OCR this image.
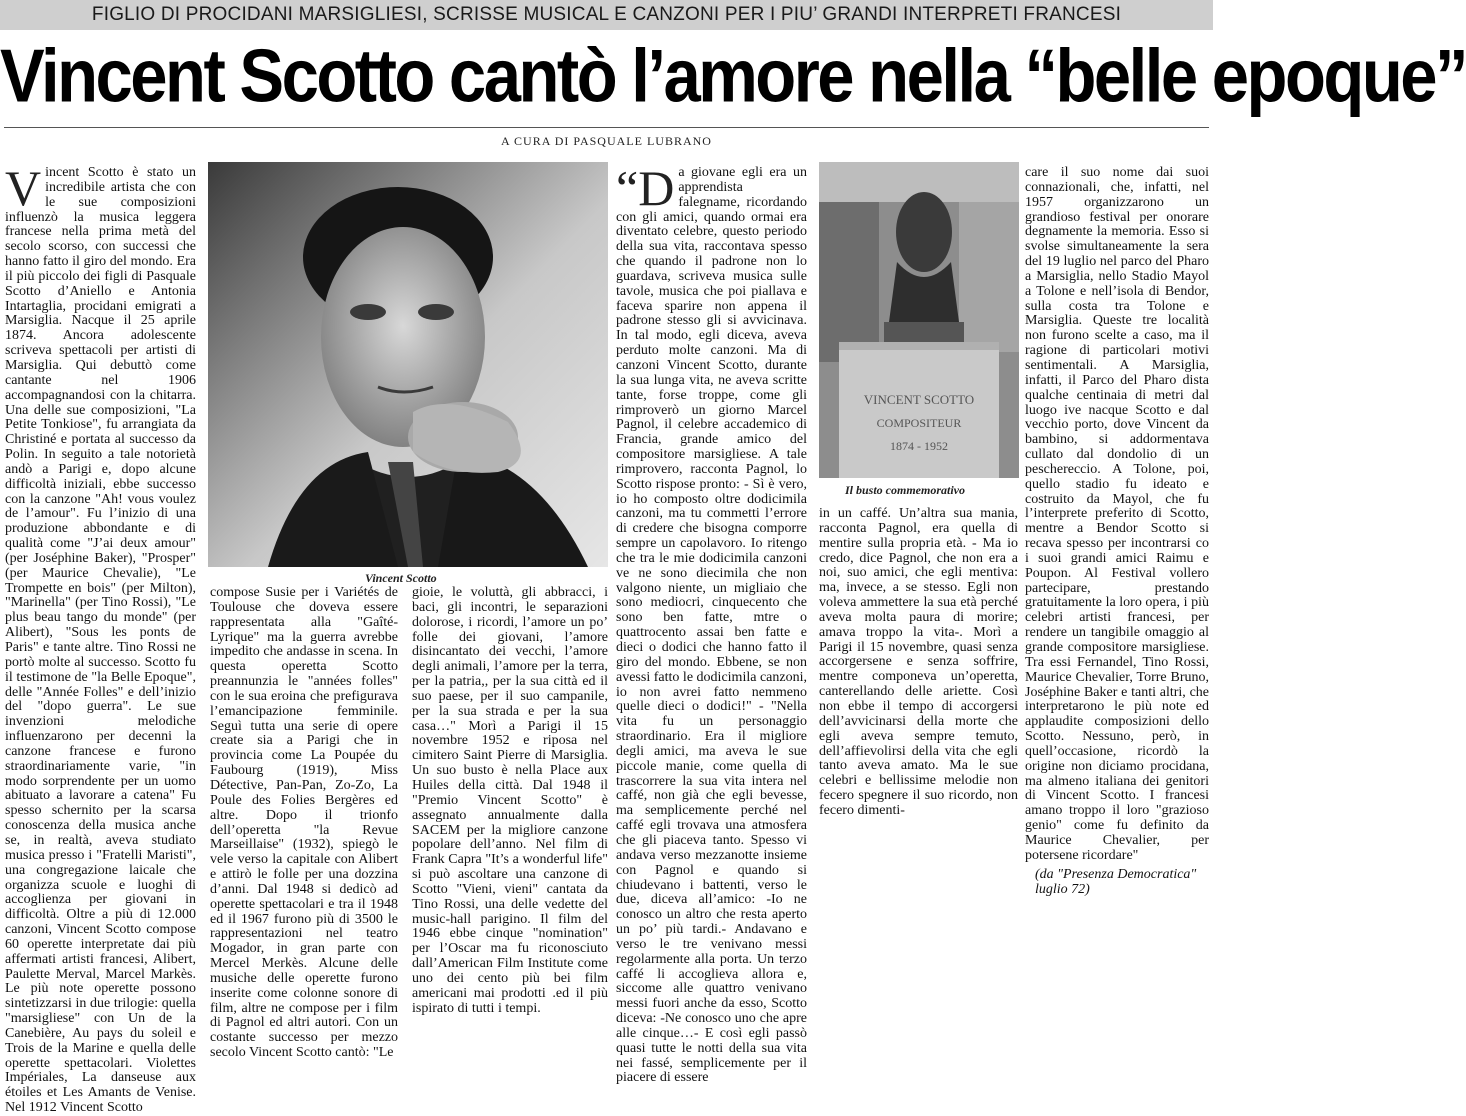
FIGLIO DI PROCIDANI MARSIGLIESI, SCRISSE MUSICAL E CANZONI PER I PIU’ GRANDI INTERPRETI FRANCESI
Vincent Scotto cantò l’amore nella “belle epoque”
A CURA DI PASQUALE LUBRANO

Vincent Scotto è stato un incredibile artista che con le sue composizioni influenzò la musica leggera francese nella prima metà del secolo scorso, con successi che hanno fatto il giro del mondo. Era il più piccolo dei figli di Pasquale Scotto d’Aniello e Antonia Intartaglia, procidani emigrati a Marsiglia. Nacque il 25 aprile 1874. Ancora adolescente scriveva spettacoli per artisti di Marsiglia. Qui debuttò come cantante nel 1906 accompagnandosi con la chitarra. Una delle sue composizioni, "La Petite Tonkiose", fu arrangiata da Christiné e portata al successo da Polin. In seguito a tale notorietà andò a Parigi e, dopo alcune difficoltà iniziali, ebbe successo con la canzone "Ah! vous voulez de l’amour". Fu l’inizio di una produzione abbondante e di qualità come "J’ai deux amour" (per Joséphine Baker), "Prosper" (per Maurice Chevalie), "Le Trompette en bois" (per Milton), "Marinella" (per Tino Rossi), "Le plus beau tango du monde" (per Alibert), "Sous les ponts de Paris" e tante altre. Tino Rossi ne portò molte al successo. Scotto fu il testimone de "la Belle Epoque", delle "Année Folles" e dell’inizio del "dopo guerra". Le sue invenzioni melodiche influenzarono per decenni la canzone francese e furono straordinariamente varie, "in modo sorprendente per un uomo abituato a lavorare a catena" Fu spesso schernito per la scarsa conoscenza della musica anche se, in realtà, aveva studiato musica presso i "Fratelli Maristi", una congregazione laicale che organizza scuole e luoghi di accoglienza per giovani in difficoltà. Oltre a più di 12.000 canzoni, Vincent Scotto compose 60 operette interpretate dai più affermati artisti francesi, Alibert, Paulette Merval, Marcel Markès. Le più note operette possono sintetizzarsi in due trilogie: quella "marsigliese" con Un de la Canebière, Au pays du soleil e Trois de la Marine e quella delle operette spettacolari. Violettes Impériales, La danseuse aux étoiles et Les Amants de Venise. Nel 1912 Vincent Scotto

Vincent Scotto

compose Susie per i Variétés de Toulouse che doveva essere rappresentata alla "Gaîté-Lyrique" ma la guerra avrebbe impedito che andasse in scena. In questa operetta Scotto preannunzia le "années folles" con le sua eroina che prefigurava l’emancipazione femminile. Seguì tutta una serie di opere create sia a Parigi che in provincia come La Poupée du Faubourg (1919), Miss Détective, Pan-Pan, Zo-Zo, La Poule des Folies Bergères ed altre. Dopo il trionfo dell’operetta "la Revue Marseillaise" (1932), spiegò le vele verso la capitale con Alibert e attirò le folle per una dozzina d’anni. Dal 1948 si dedicò ad operette spettacolari e tra il 1948 ed il 1967 furono più di 3500 le rappresentazioni nel teatro Mogador, in gran parte con Mercel Merkès. Alcune delle musiche delle operette furono inserite come colonne sonore di film, altre ne compose per i film di Pagnol ed altri autori. Con un costante successo per mezzo secolo Vincent Scotto cantò: "Le

gioie, le voluttà, gli abbracci, i baci, gli incontri, le separazioni dolorose, i ricordi, l’amore un po’ folle dei giovani, l’amore disincantato dei vecchi, l’amore degli animali, l’amore per la terra, per la patria,, per la sua città ed il suo paese, per il suo campanile, per la sua strada e per la sua casa…" Morì a Parigi il 15 novembre 1952 e riposa nel cimitero Saint Pierre di Marsiglia. Un suo busto è nella Place aux Huiles della città. Dal 1948 il "Premio Vincent Scotto" è assegnato annualmente dalla SACEM per la migliore canzone popolare dell’anno. Nel film di Frank Capra "It’s a wonderful life" si può ascoltare una canzone di Scotto "Vieni, vieni" cantata da Tino Rossi, una delle vedette del music-hall parigino. Il film del 1946 ebbe cinque "nomination" per l’Oscar ma fu riconosciuto dall’American Film Institute come uno dei cento più bei film americani mai prodotti .ed il più ispirato di tutti i tempi.

“Da giovane egli era un apprendista falegname, ricordando con gli amici, quando ormai era diventato celebre, questo periodo della sua vita, raccontava spesso che quando il padrone non lo guardava, scriveva musica sulle tavole, musica che poi piallava e faceva sparire non appena il padrone stesso gli si avvicinava. In tal modo, egli diceva, aveva perduto molte canzoni. Ma di canzoni Vincent Scotto, durante la sua lunga vita, ne aveva scritte tante, forse troppe, come gli rimproverò un giorno Marcel Pagnol, il celebre accademico di Francia, grande amico del compositore marsigliese. A tale rimprovero, racconta Pagnol, lo Scotto rispose pronto: - Sì è vero, io ho composto oltre dodicimila canzoni, ma tu commetti l’errore di credere che bisogna comporre sempre un capolavoro. Io ritengo che tra le mie dodicimila canzoni ve ne sono diecimila che non valgono niente, un migliaio che sono mediocri, cinquecento che sono ben fatte, mtre o quattrocento assai ben fatte e dieci o dodici che hanno fatto il giro del mondo. Ebbene, se non avessi fatto le dodicimila canzoni, io non avrei fatto nemmeno quelle dieci o dodici!" - "Nella vita fu un personaggio straordinario. Era il migliore degli amici, ma aveva le sue piccole manie, come quella di trascorrere la sua vita intera nel caffé, non già che egli bevesse, ma semplicemente perché nel caffé egli trovava una atmosfera che gli piaceva tanto. Spesso vi andava verso mezzanotte insieme con Pagnol e quando si chiudevano i battenti, verso le due, diceva all’amico: -Io ne conosco un altro che resta aperto un po’ più tardi.- Andavano e verso le tre venivano messi regolarmente alla porta. Un terzo caffé li accoglieva allora e, siccome alle quattro venivano messi fuori anche da esso, Scotto diceva: -Ne conosco uno che apre alle cinque…- E così egli passò quasi tutte le notti della sua vita nei fassé, semplicemente per il piacere di essere

VINCENT SCOTTO
COMPOSITEUR
1874 - 1952
Il busto commemorativo

in un caffé. Un’altra sua mania, racconta Pagnol, era quella di mentire sulla propria età. - Ma io credo, dice Pagnol, che non era a noi, suo amici, che egli mentiva: ma, invece, a se stesso. Egli non voleva ammettere la sua età perché aveva molta paura di morire; amava troppo la vita-. Morì a Parigi il 15 novembre, quasi senza accorgersene e senza soffrire, mentre componeva un’operetta, canterellando delle ariette. Così non ebbe il tempo di accorgersi dell’avvicinarsi della morte che egli aveva sempre temuto, dell’affievolirsi della vita che egli tanto aveva amato. Ma le sue celebri e bellissime melodie non fecero spegnere il suo ricordo, non fecero dimenti-

care il suo nome dai suoi connazionali, che, infatti, nel 1957 organizzarono un grandioso festival per onorare degnamente la memoria. Esso si svolse simultaneamente la sera del 19 luglio nel parco del Pharo a Marsiglia, nello Stadio Mayol a Tolone e nell’isola di Bendor, sulla costa tra Tolone e Marsiglia. Queste tre località non furono scelte a caso, ma il ragione di particolari motivi sentimentali. A Marsiglia, infatti, il Parco del Pharo dista qualche centinaia di metri dal luogo ive nacque Scotto e dal vecchio porto, dove Vincent da bambino, si addormentava cullato dal dondolio di un peschereccio. A Tolone, poi, quello stadio fu ideato e costruito da Mayol, che fu l’interprete preferito di Scotto, mentre a Bendor Scotto si recava spesso per incontrarsi co i suoi grandi amici Raimu e Poupon. Al Festival vollero partecipare, prestando gratuitamente la loro opera, i più celebri artisti francesi, per rendere un tangibile omaggio al grande compositore marsigliese. Tra essi Fernandel, Tino Rossi, Maurice Chevalier, Torre Bruno, Joséphine Baker e tanti altri, che interpretarono le più note ed applaudite composizioni dello Scotto. Nessuno, però, in quell’occasione, ricordò la origine non diciamo procidana, ma almeno italiana dei genitori di Vincent Scotto. I francesi amano troppo il loro "grazioso genio" come fu definito da Maurice Chevalier, per potersene ricordare"

(da "Presenza Democratica" luglio 72)
